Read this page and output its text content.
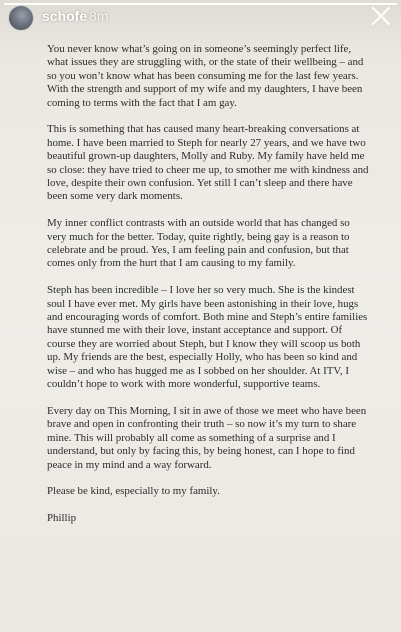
schofe 8m

You never know what’s going on in someone’s seemingly perfect life, what issues they are struggling with, or the state of their wellbeing – and so you won’t know what has been consuming me for the last few years. With the strength and support of my wife and my daughters, I have been coming to terms with the fact that I am gay.

This is something that has caused many heart-breaking conversations at home. I have been married to Steph for nearly 27 years, and we have two beautiful grown-up daughters, Molly and Ruby. My family have held me so close: they have tried to cheer me up, to smother me with kindness and love, despite their own confusion. Yet still I can’t sleep and there have been some very dark moments.

My inner conflict contrasts with an outside world that has changed so very much for the better. Today, quite rightly, being gay is a reason to celebrate and be proud. Yes, I am feeling pain and confusion, but that comes only from the hurt that I am causing to my family.

Steph has been incredible – I love her so very much. She is the kindest soul I have ever met. My girls have been astonishing in their love, hugs and encouraging words of comfort. Both mine and Steph’s entire families have stunned me with their love, instant acceptance and support. Of course they are worried about Steph, but I know they will scoop us both up. My friends are the best, especially Holly, who has been so kind and wise – and who has hugged me as I sobbed on her shoulder. At ITV, I couldn’t hope to work with more wonderful, supportive teams.

Every day on This Morning, I sit in awe of those we meet who have been brave and open in confronting their truth – so now it’s my turn to share mine. This will probably all come as something of a surprise and I understand, but only by facing this, by being honest, can I hope to find peace in my mind and a way forward.

Please be kind, especially to my family.

Phillip
